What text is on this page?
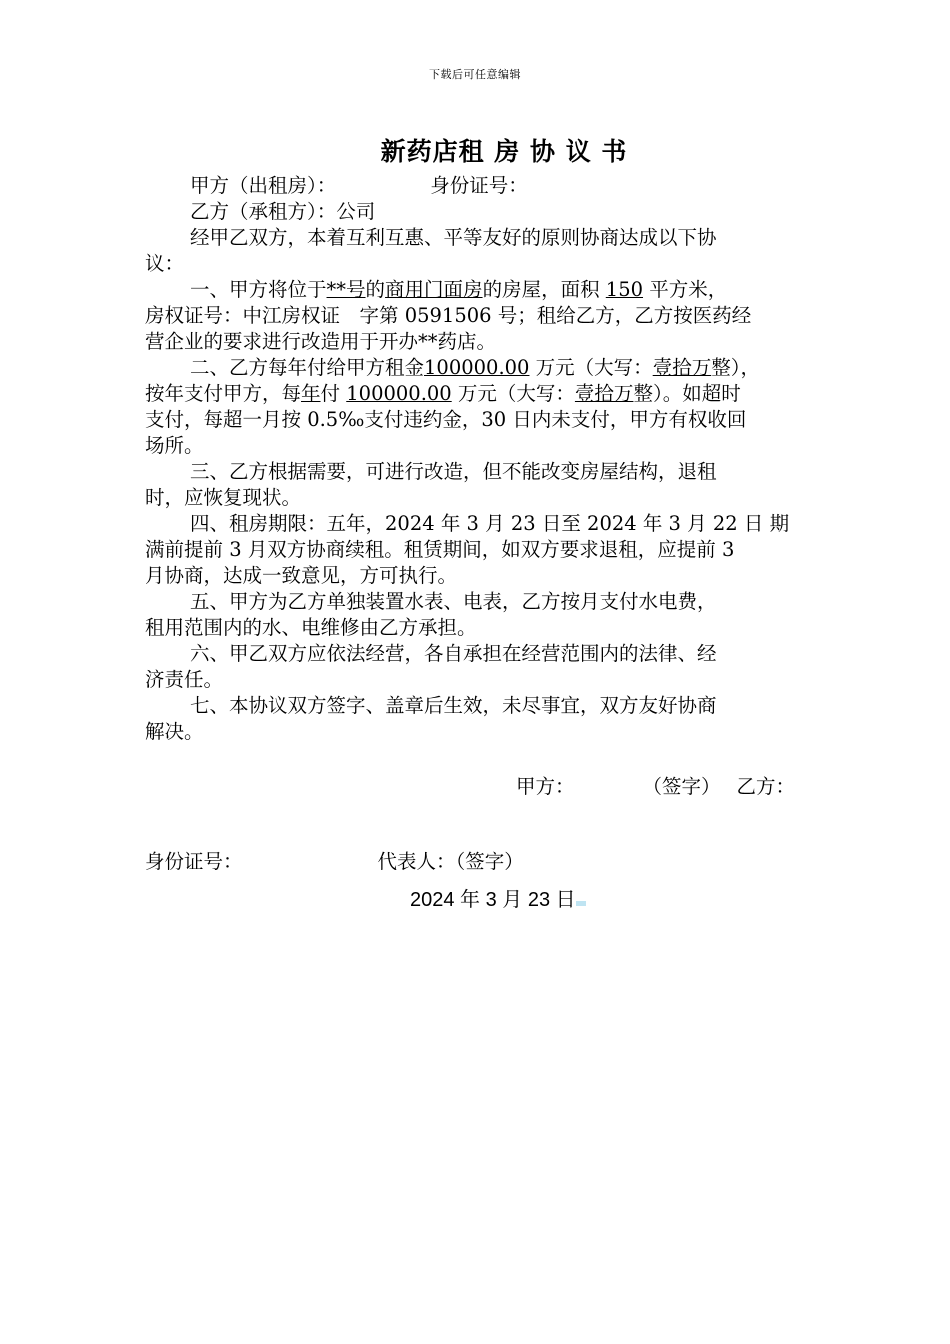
下载后可任意编辑
新药店租 房 协 议 书
甲方（出租房）：	身份证号：
乙方（承租方）：公司
经甲乙双方，本着互利互惠、平等友好的原则协商达成以下协
议：
一、甲方将位于**号的商用门面房的房屋，面积 150 平方米，
房权证号：中江房权证　字第 0591506 号；租给乙方，乙方按医药经
营企业的要求进行改造用于开办**药店。
二、乙方每年付给甲方租金100000.00 万元（大写：壹拾万整），
按年支付甲方，每年付 100000.00 万元（大写：壹拾万整）。如超时
支付，每超一月按 0.5‰支付违约金，30 日内未支付，甲方有权收回
场所。
三、乙方根据需要，可进行改造，但不能改变房屋结构，退租
时，应恢复现状。
四、租房期限：五年，2024 年 3 月 23 日至 2024 年 3 月 22 日 期
满前提前 3 月双方协商续租。租赁期间，如双方要求退租，应提前 3
月协商，达成一致意见，方可执行。
五、甲方为乙方单独装置水表、电表，乙方按月支付水电费，
租用范围内的水、电维修由乙方承担。
六、甲乙双方应依法经营，各自承担在经营范围内的法律、经
济责任。
七、本协议双方签字、盖章后生效，未尽事宜，双方友好协商
解决。
甲方：	（签字） 乙方：
身份证号：	代表人：（签字）
2024 年 3 月 23 日
